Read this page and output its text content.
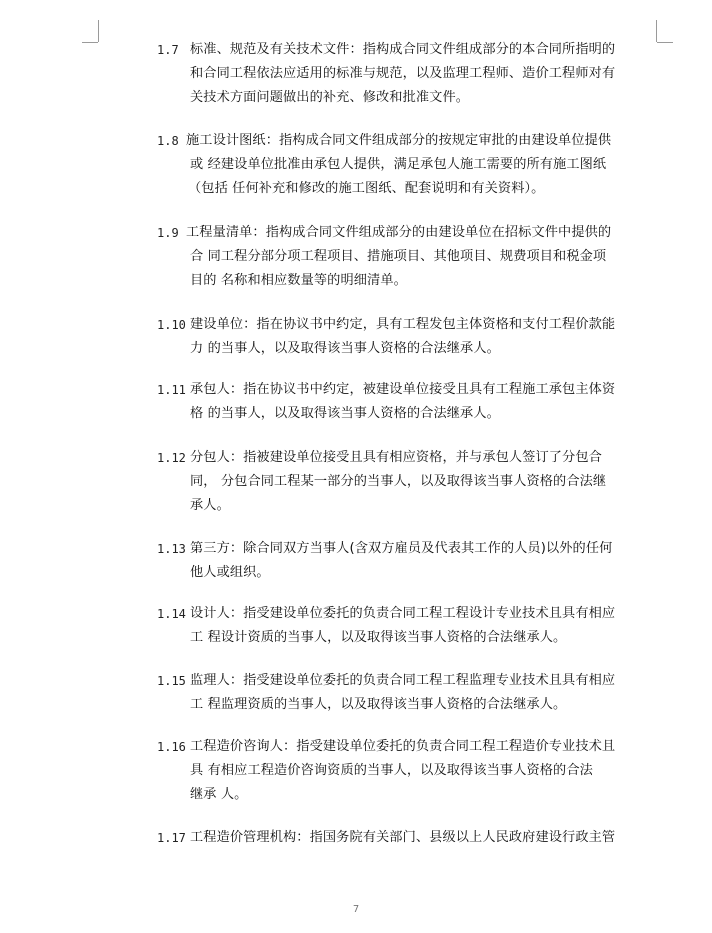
1.7 标准、规范及有关技术文件：指构成合同文件组成部分的本合同所指明的
和合同工程依法应适用的标准与规范，以及监理工程师、造价工程师对有
关技术方面问题做出的补充、修改和批准文件。
1.8 施工设计图纸：指构成合同文件组成部分的按规定审批的由建设单位提供
或 经建设单位批准由承包人提供，满足承包人施工需要的所有施工图纸
（包括 任何补充和修改的施工图纸、配套说明和有关资料）。
1.9 工程量清单：指构成合同文件组成部分的由建设单位在招标文件中提供的
合 同工程分部分项工程项目、措施项目、其他项目、规费项目和税金项
目的 名称和相应数量等的明细清单。
1.10 建设单位：指在协议书中约定，具有工程发包主体资格和支付工程价款能
力 的当事人，以及取得该当事人资格的合法继承人。
1.11 承包人：指在协议书中约定，被建设单位接受且具有工程施工承包主体资
格 的当事人，以及取得该当事人资格的合法继承人。
1.12 分包人：指被建设单位接受且具有相应资格，并与承包人签订了分包合
同， 分包合同工程某一部分的当事人，以及取得该当事人资格的合法继
承人。
1.13 第三方：除合同双方当事人(含双方雇员及代表其工作的人员)以外的任何
他人或组织。
1.14 设计人：指受建设单位委托的负责合同工程工程设计专业技术且具有相应
工 程设计资质的当事人，以及取得该当事人资格的合法继承人。
1.15 监理人：指受建设单位委托的负责合同工程工程监理专业技术且具有相应
工 程监理资质的当事人，以及取得该当事人资格的合法继承人。
1.16 工程造价咨询人：指受建设单位委托的负责合同工程工程造价专业技术且
具 有相应工程造价咨询资质的当事人，以及取得该当事人资格的合法
继承 人。
1.17 工程造价管理机构：指国务院有关部门、县级以上人民政府建设行政主管
7
